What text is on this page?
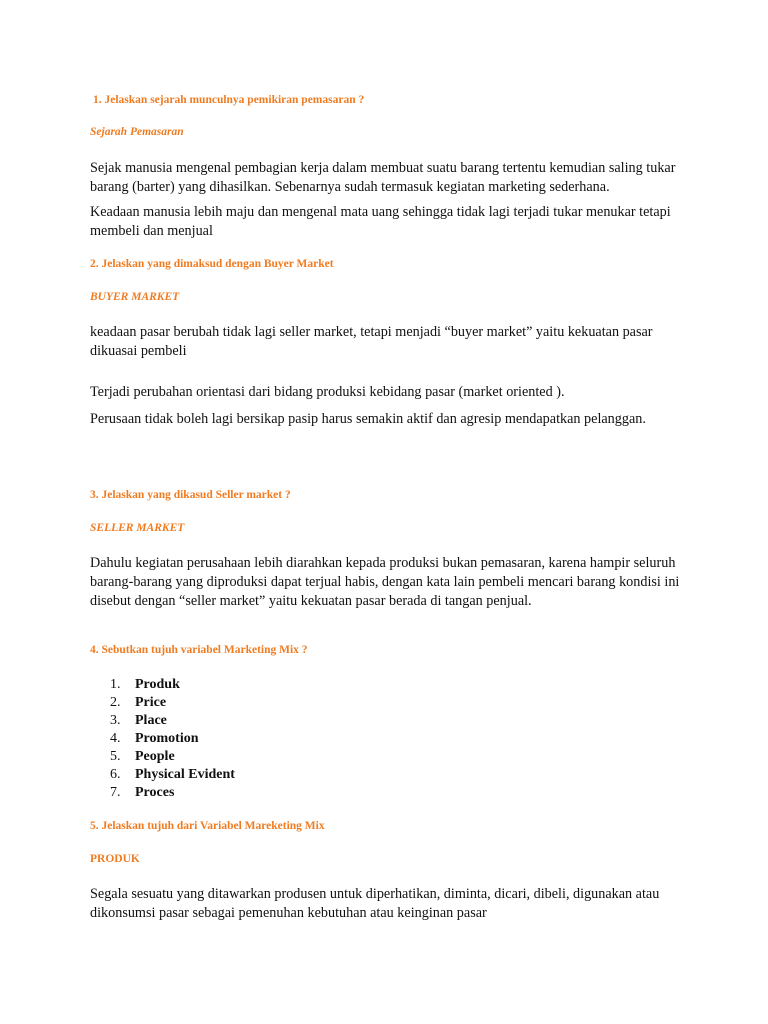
1. Jelaskan sejarah munculnya pemikiran pemasaran ?
Sejarah Pemasaran
Sejak manusia mengenal pembagian kerja dalam membuat suatu barang tertentu kemudian saling tukar barang (barter) yang dihasilkan. Sebenarnya sudah termasuk kegiatan marketing sederhana.
Keadaan manusia lebih maju dan mengenal mata uang sehingga tidak lagi terjadi tukar menukar tetapi membeli dan menjual
2. Jelaskan yang dimaksud dengan Buyer Market
BUYER MARKET
keadaan pasar berubah tidak lagi seller market, tetapi menjadi “buyer market” yaitu kekuatan pasar dikuasai pembeli
Terjadi perubahan orientasi dari bidang produksi kebidang pasar (market oriented ).
Perusaan tidak boleh lagi bersikap pasip harus semakin aktif dan agresip mendapatkan pelanggan.
3. Jelaskan yang dikasud Seller market ?
SELLER MARKET
Dahulu kegiatan perusahaan lebih diarahkan kepada produksi bukan pemasaran, karena hampir seluruh barang-barang yang diproduksi dapat terjual habis, dengan kata lain pembeli mencari barang kondisi ini disebut dengan “seller market” yaitu kekuatan pasar berada di tangan penjual.
4. Sebutkan tujuh variabel Marketing Mix ?
1. Produk
2. Price
3. Place
4. Promotion
5. People
6. Physical Evident
7. Proces
5. Jelaskan tujuh dari Variabel Mareketing Mix
PRODUK
Segala sesuatu yang ditawarkan produsen untuk diperhatikan, diminta, dicari, dibeli, digunakan atau dikonsumsi pasar sebagai pemenuhan kebutuhan atau keinginan pasar
